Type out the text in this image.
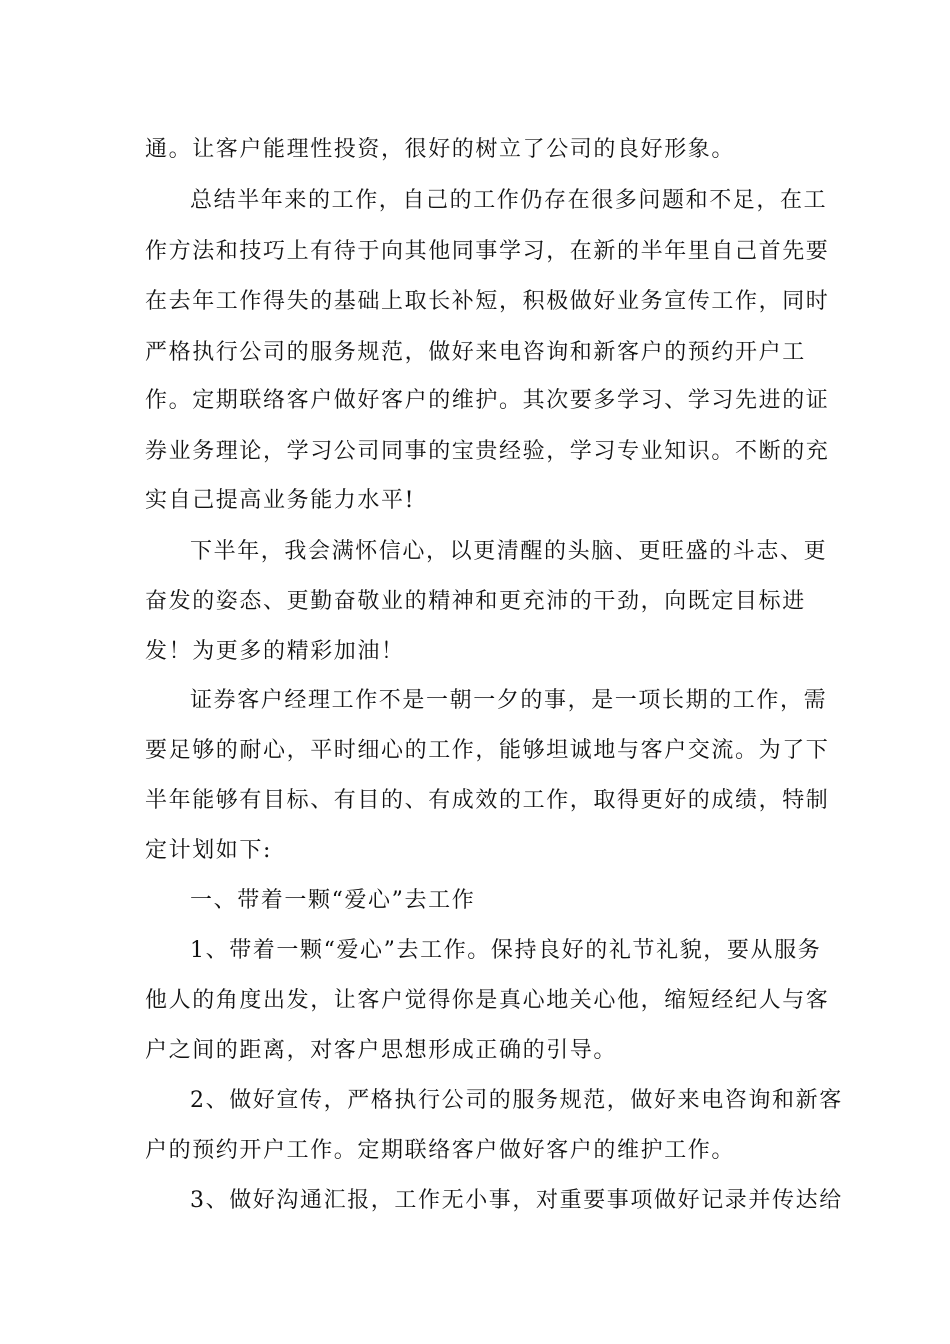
通。让客户能理性投资，很好的树立了公司的良好形象。
总结半年来的工作，自己的工作仍存在很多问题和不足，在工
作方法和技巧上有待于向其他同事学习，在新的半年里自己首先要
在去年工作得失的基础上取长补短，积极做好业务宣传工作，同时
严格执行公司的服务规范，做好来电咨询和新客户的预约开户工
作。定期联络客户做好客户的维护。其次要多学习、学习先进的证
券业务理论，学习公司同事的宝贵经验，学习专业知识。不断的充
实自己提高业务能力水平!
下半年，我会满怀信心，以更清醒的头脑、更旺盛的斗志、更
奋发的姿态、更勤奋敬业的精神和更充沛的干劲，向既定目标进
发！为更多的精彩加油！
证券客户经理工作不是一朝一夕的事，是一项长期的工作，需
要足够的耐心，平时细心的工作，能够坦诚地与客户交流。为了下
半年能够有目标、有目的、有成效的工作，取得更好的成绩，特制
定计划如下:
一、带着一颗“爱心”去工作
1、带着一颗“爱心”去工作。保持良好的礼节礼貌，要从服务
他人的角度出发，让客户觉得你是真心地关心他，缩短经纪人与客
户之间的距离，对客户思想形成正确的引导。
2、做好宣传，严格执行公司的服务规范，做好来电咨询和新客
户的预约开户工作。定期联络客户做好客户的维护工作。
3、做好沟通汇报，工作无小事，对重要事项做好记录并传达给
